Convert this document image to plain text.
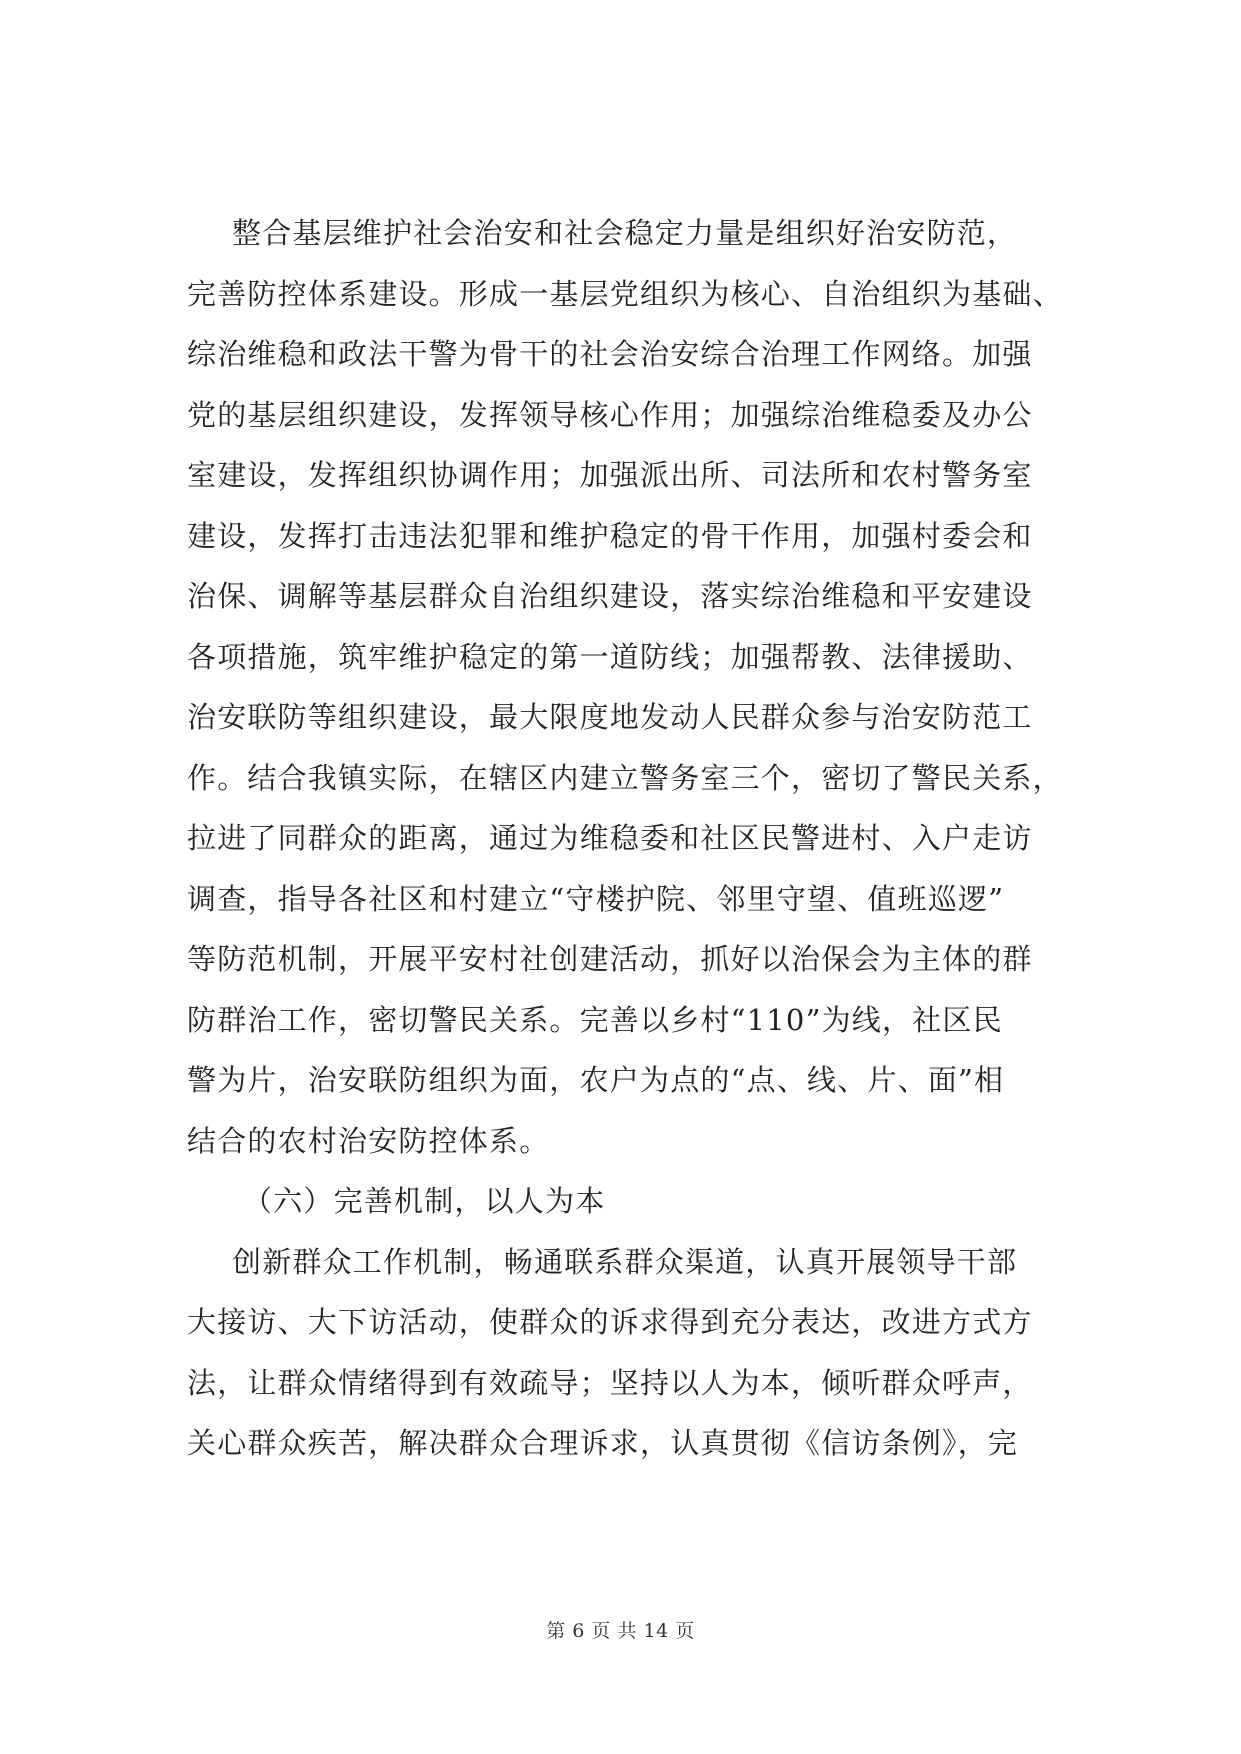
整合基层维护社会治安和社会稳定力量是组织好治安防范，
完善防控体系建设。形成一基层党组织为核心、自治组织为基础、
综治维稳和政法干警为骨干的社会治安综合治理工作网络。加强
党的基层组织建设，发挥领导核心作用；加强综治维稳委及办公
室建设，发挥组织协调作用；加强派出所、司法所和农村警务室
建设，发挥打击违法犯罪和维护稳定的骨干作用，加强村委会和
治保、调解等基层群众自治组织建设，落实综治维稳和平安建设
各项措施，筑牢维护稳定的第一道防线；加强帮教、法律援助、
治安联防等组织建设，最大限度地发动人民群众参与治安防范工
作。结合我镇实际，在辖区内建立警务室三个，密切了警民关系，
拉进了同群众的距离，通过为维稳委和社区民警进村、入户走访
调查，指导各社区和村建立“守楼护院、邻里守望、值班巡逻”
等防范机制，开展平安村社创建活动，抓好以治保会为主体的群
防群治工作，密切警民关系。完善以乡村“110”为线，社区民
警为片，治安联防组织为面，农户为点的“点、线、片、面”相
结合的农村治安防控体系。
（六）完善机制，以人为本
创新群众工作机制，畅通联系群众渠道，认真开展领导干部
大接访、大下访活动，使群众的诉求得到充分表达，改进方式方
法，让群众情绪得到有效疏导；坚持以人为本，倾听群众呼声，
关心群众疾苦，解决群众合理诉求，认真贯彻《信访条例》，完
第 6 页 共 14 页
